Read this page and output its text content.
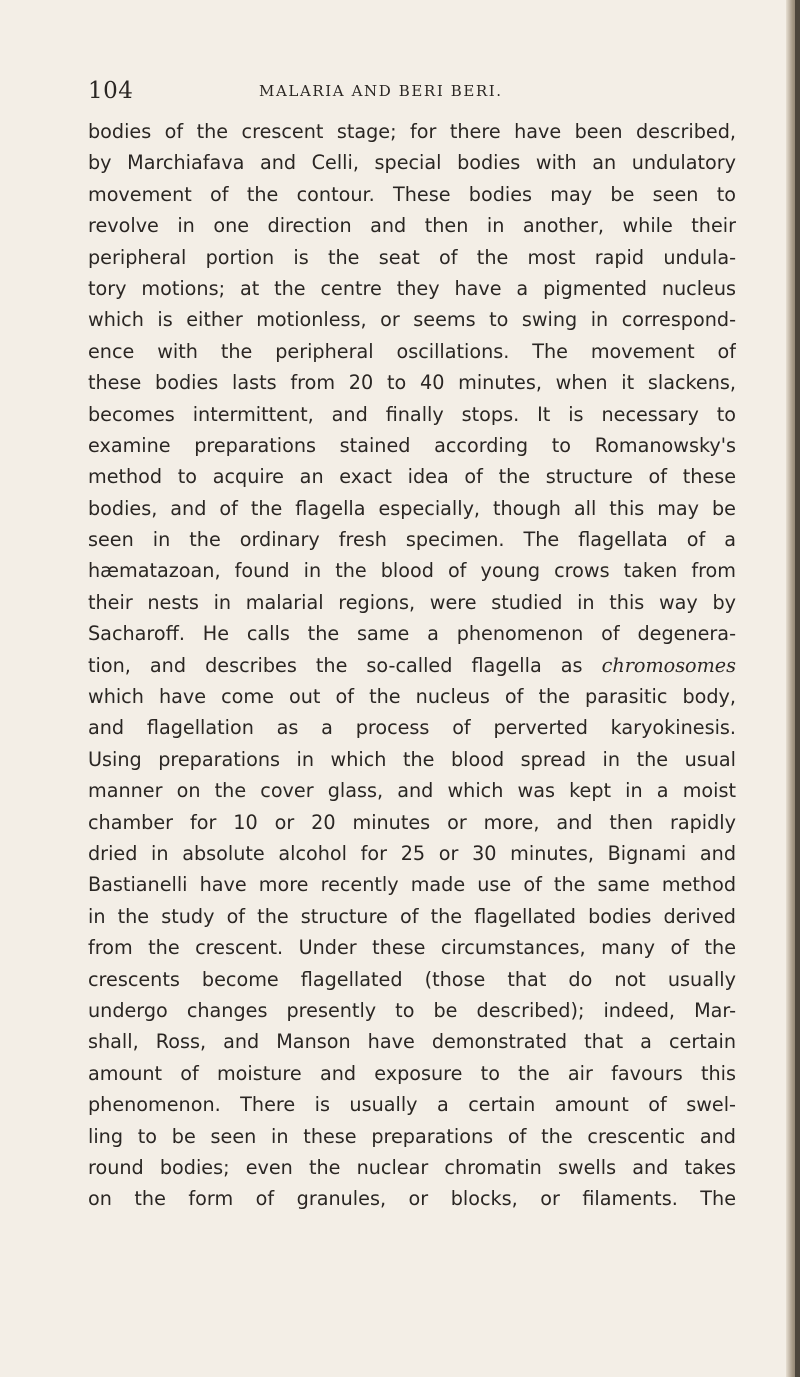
104	MALARIA AND BERI BERI.
bodies of the crescent stage; for there have been described,
by Marchiafava and Celli, special bodies with an undulatory
movement of the contour. These bodies may be seen to
revolve in one direction and then in another, while their
peripheral portion is the seat of the most rapid undula-
tory motions; at the centre they have a pigmented nucleus
which is either motionless, or seems to swing in correspond-
ence with the peripheral oscillations. The movement of
these bodies lasts from 20 to 40 minutes, when it slackens,
becomes intermittent, and finally stops. It is necessary to
examine preparations stained according to Romanowsky's
method to acquire an exact idea of the structure of these
bodies, and of the flagella especially, though all this may be
seen in the ordinary fresh specimen. The flagellata of a
hæmatazoan, found in the blood of young crows taken from
their nests in malarial regions, were studied in this way by
Sacharoff. He calls the same a phenomenon of degenera-
tion, and describes the so-called flagella as chromosomes
which have come out of the nucleus of the parasitic body,
and flagellation as a process of perverted karyokinesis.
Using preparations in which the blood spread in the usual
manner on the cover glass, and which was kept in a moist
chamber for 10 or 20 minutes or more, and then rapidly
dried in absolute alcohol for 25 or 30 minutes, Bignami and
Bastianelli have more recently made use of the same method
in the study of the structure of the flagellated bodies derived
from the crescent. Under these circumstances, many of the
crescents become flagellated (those that do not usually
undergo changes presently to be described); indeed, Mar-
shall, Ross, and Manson have demonstrated that a certain
amount of moisture and exposure to the air favours this
phenomenon. There is usually a certain amount of swel-
ling to be seen in these preparations of the crescentic and
round bodies; even the nuclear chromatin swells and takes
on the form of granules, or blocks, or filaments. The
